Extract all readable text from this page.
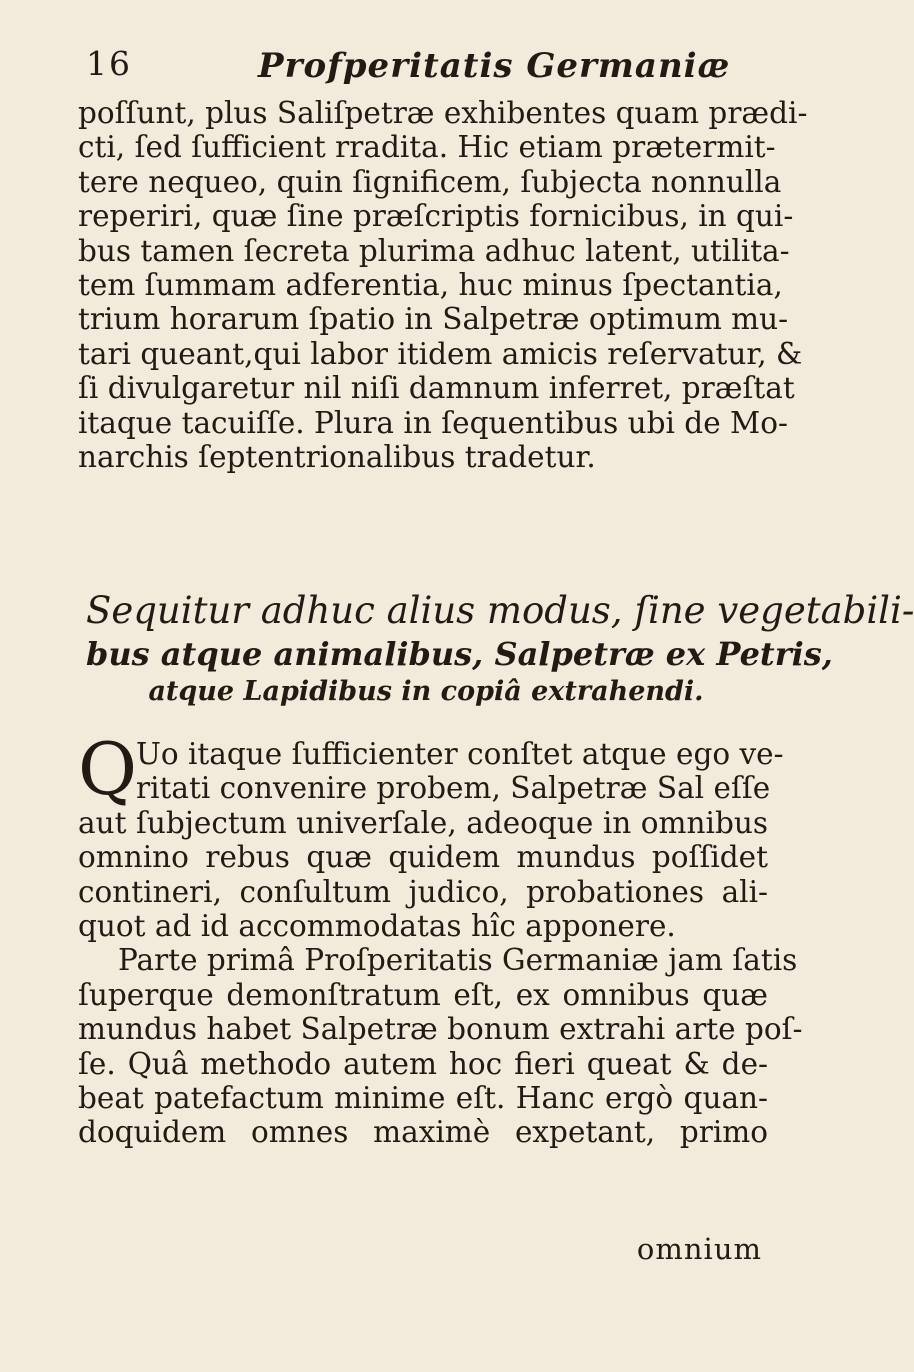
16	Profperitatis Germaniæ
poſſunt, plus Saliſpetræ exhibentes quam prædi-
cti, ſed ſufficient rradita. Hic etiam prætermit-
tere nequeo, quin ſignificem, ſubjecta nonnulla
reperiri, quæ ſine præſcriptis fornicibus, in qui-
bus tamen ſecreta plurima adhuc latent, utilita-
tem ſummam adferentia, huc minus ſpectantia,
trium horarum ſpatio in Salpetræ optimum mu-
tari queant,qui labor itidem amicis reſervatur, &
ſi divulgaretur nil niſi damnum inferret, præſtat
itaque tacuiſſe. Plura in ſequentibus ubi de Mo-
narchis ſeptentrionalibus tradetur.
Sequitur adhuc alius modus, ſine vegetabili-
bus atque animalibus, Salpetræ ex Petris,
atque Lapidibus in copiâ extrahendi.
Q
Uo itaque ſufficienter conſtet atque ego ve-
ritati convenire probem, Salpetræ Sal eſſe
aut ſubjectum univerſale, adeoque in omnibus
omnino rebus quæ quidem mundus poſſidet
contineri, conſultum judico, probationes ali-
quot ad id accommodatas hîc apponere.
Parte primâ Proſperitatis Germaniæ jam ſatis
ſuperque demonſtratum eſt, ex omnibus quæ
mundus habet Salpetræ bonum extrahi arte poſ-
ſe. Quâ methodo autem hoc fieri queat & de-
beat patefactum minime eſt. Hanc ergò quan-
doquidem omnes maximè expetant, primo
omnium
